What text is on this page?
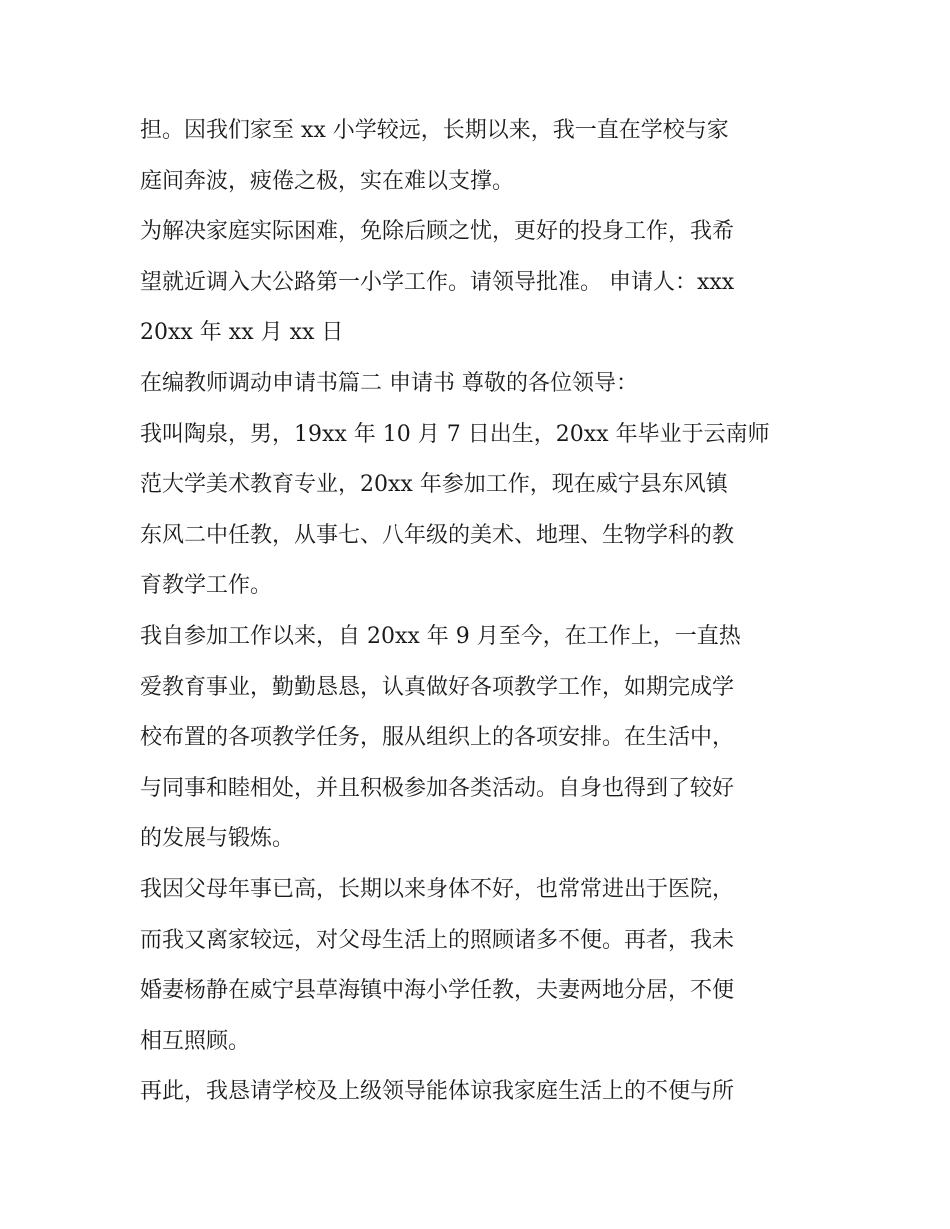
担。因我们家至 xx 小学较远，长期以来，我一直在学校与家

庭间奔波，疲倦之极，实在难以支撑。

为解决家庭实际困难，免除后顾之忧，更好的投身工作，我希

望就近调入大公路第一小学工作。请领导批准。 申请人：xxx

20xx 年 xx 月 xx 日

在编教师调动申请书篇二 申请书 尊敬的各位领导：

我叫陶泉，男，19xx 年 10 月 7 日出生，20xx 年毕业于云南师

范大学美术教育专业，20xx 年参加工作，现在威宁县东风镇

东风二中任教，从事七、八年级的美术、地理、生物学科的教

育教学工作。

我自参加工作以来，自 20xx 年 9 月至今，在工作上，一直热

爱教育事业，勤勤恳恳，认真做好各项教学工作，如期完成学

校布置的各项教学任务，服从组织上的各项安排。在生活中，

与同事和睦相处，并且积极参加各类活动。自身也得到了较好

的发展与锻炼。

我因父母年事已高，长期以来身体不好，也常常进出于医院，

而我又离家较远，对父母生活上的照顾诸多不便。再者，我未

婚妻杨静在威宁县草海镇中海小学任教，夫妻两地分居，不便

相互照顾。

再此，我恳请学校及上级领导能体谅我家庭生活上的不便与所
